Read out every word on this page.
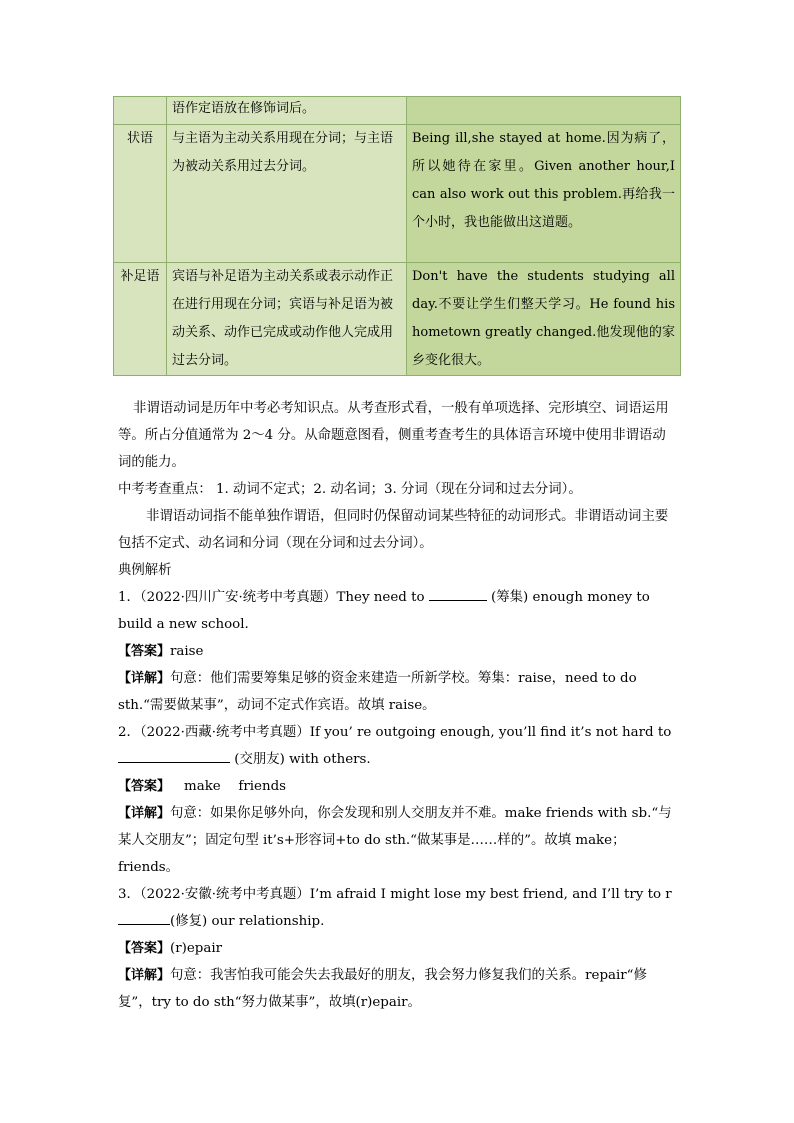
	语作定语放在修饰词后。	

状语	与主语为主动关系用现在分词；与主语为被动关系用过去分词。	Being ill,she stayed at home.因为病了，所以她待在家里。Given another hour,I can also work out this problem.再给我一个小时，我也能做出这道题。

补足语	宾语与补足语为主动关系或表示动作正在进行用现在分词；宾语与补足语为被动关系、动作已完成或动作他人完成用过去分词。	Don't have the students studying all day.不要让学生们整天学习。He found his hometown greatly changed.他发现他的家乡变化很大。

非谓语动词是历年中考必考知识点。从考查形式看，一般有单项选择、完形填空、词语运用等。所占分值通常为 2～4 分。从命题意图看，侧重考查考生的具体语言环境中使用非谓语动词的能力。

中考考查重点： 1. 动词不定式；2. 动名词；3. 分词（现在分词和过去分词）。

非谓语动词指不能单独作谓语，但同时仍保留动词某些特征的动词形式。非谓语动词主要包括不定式、动名词和分词（现在分词和过去分词）。

典例解析

1．（2022·四川广安·统考中考真题）They need to	(筹集) enough money to build a new school.

【答案】raise

【详解】句意：他们需要筹集足够的资金来建造一所新学校。筹集：raise，need to do sth.“需要做某事”，动词不定式作宾语。故填 raise。

2．（2022·西藏·统考中考真题）If you’ re outgoing enough, you’ll find it’s not hard to  (交朋友) with others.

【答案】 make　 friends

【详解】句意：如果你足够外向，你会发现和别人交朋友并不难。make friends with sb.“与某人交朋友”；固定句型 it’s+形容词+to do sth.“做某事是……样的”。故填 make；friends。

3．（2022·安徽·统考中考真题）I’m afraid I might lose my best friend, and I’ll try to r(修复) our relationship.

【答案】(r)epair

【详解】句意：我害怕我可能会失去我最好的朋友，我会努力修复我们的关系。repair“修复”，try to do sth“努力做某事”，故填(r)epair。
